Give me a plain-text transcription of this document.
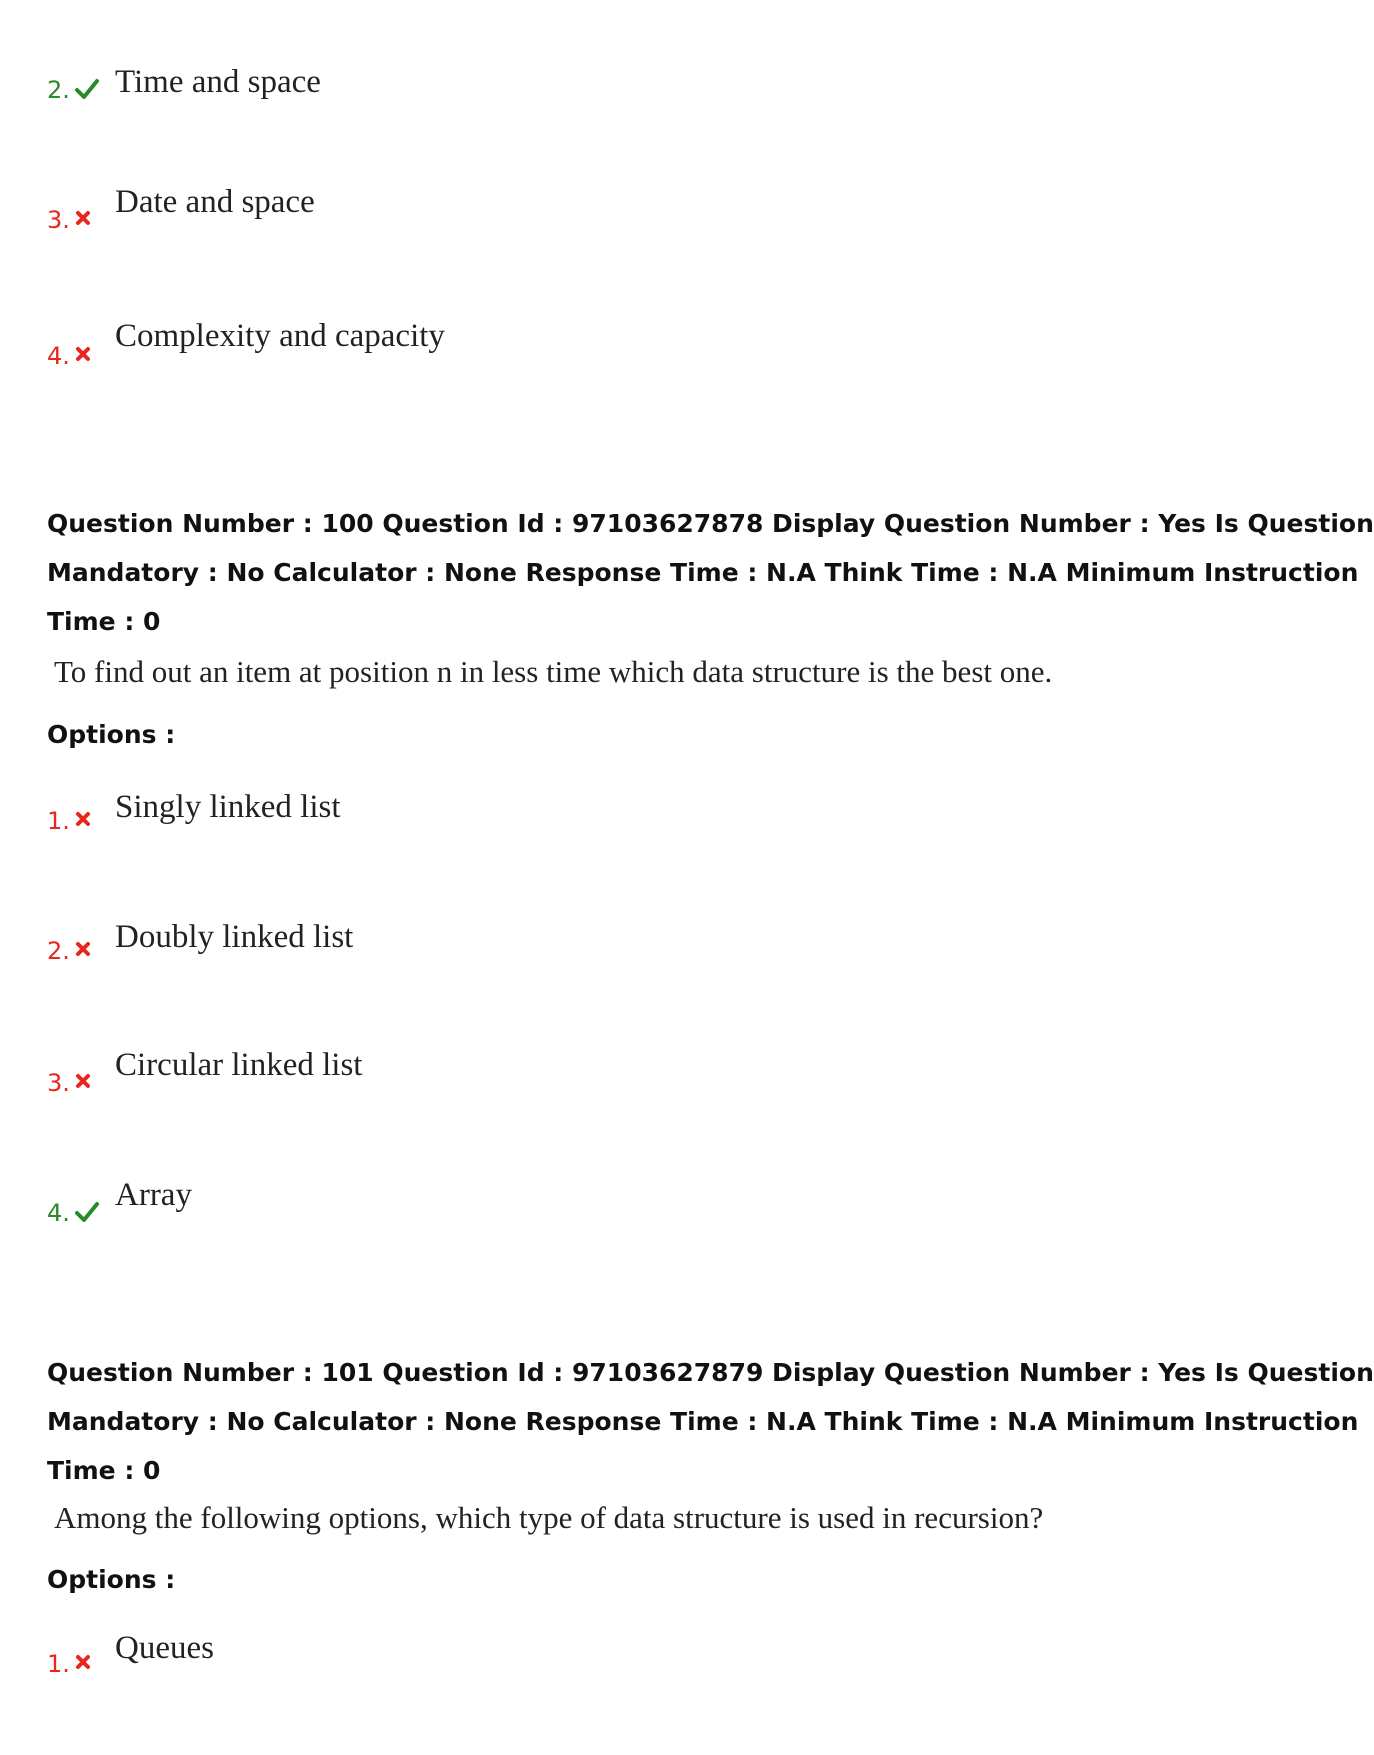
2. Time and space
3. Date and space
4.
Complexity and capacity
Question Number : 100 Question Id : 97103627878 Display Question Number : Yes Is Question
Mandatory : No Calculator : None Response Time : N.A Think Time : N.A Minimum Instruction
Time : 0
To find out an item at position n in less time which data structure is the best one.
Options :
1. Singly linked list
2. Doubly linked list
3. Circular linked list
4. Array
Question Number : 101 Question Id : 97103627879 Display Question Number : Yes Is Question
Mandatory : No Calculator : None Response Time : N.A Think Time : N.A Minimum Instruction
Time : 0
Among the following options, which type of data structure is used in recursion?
Options :
1. Queues
